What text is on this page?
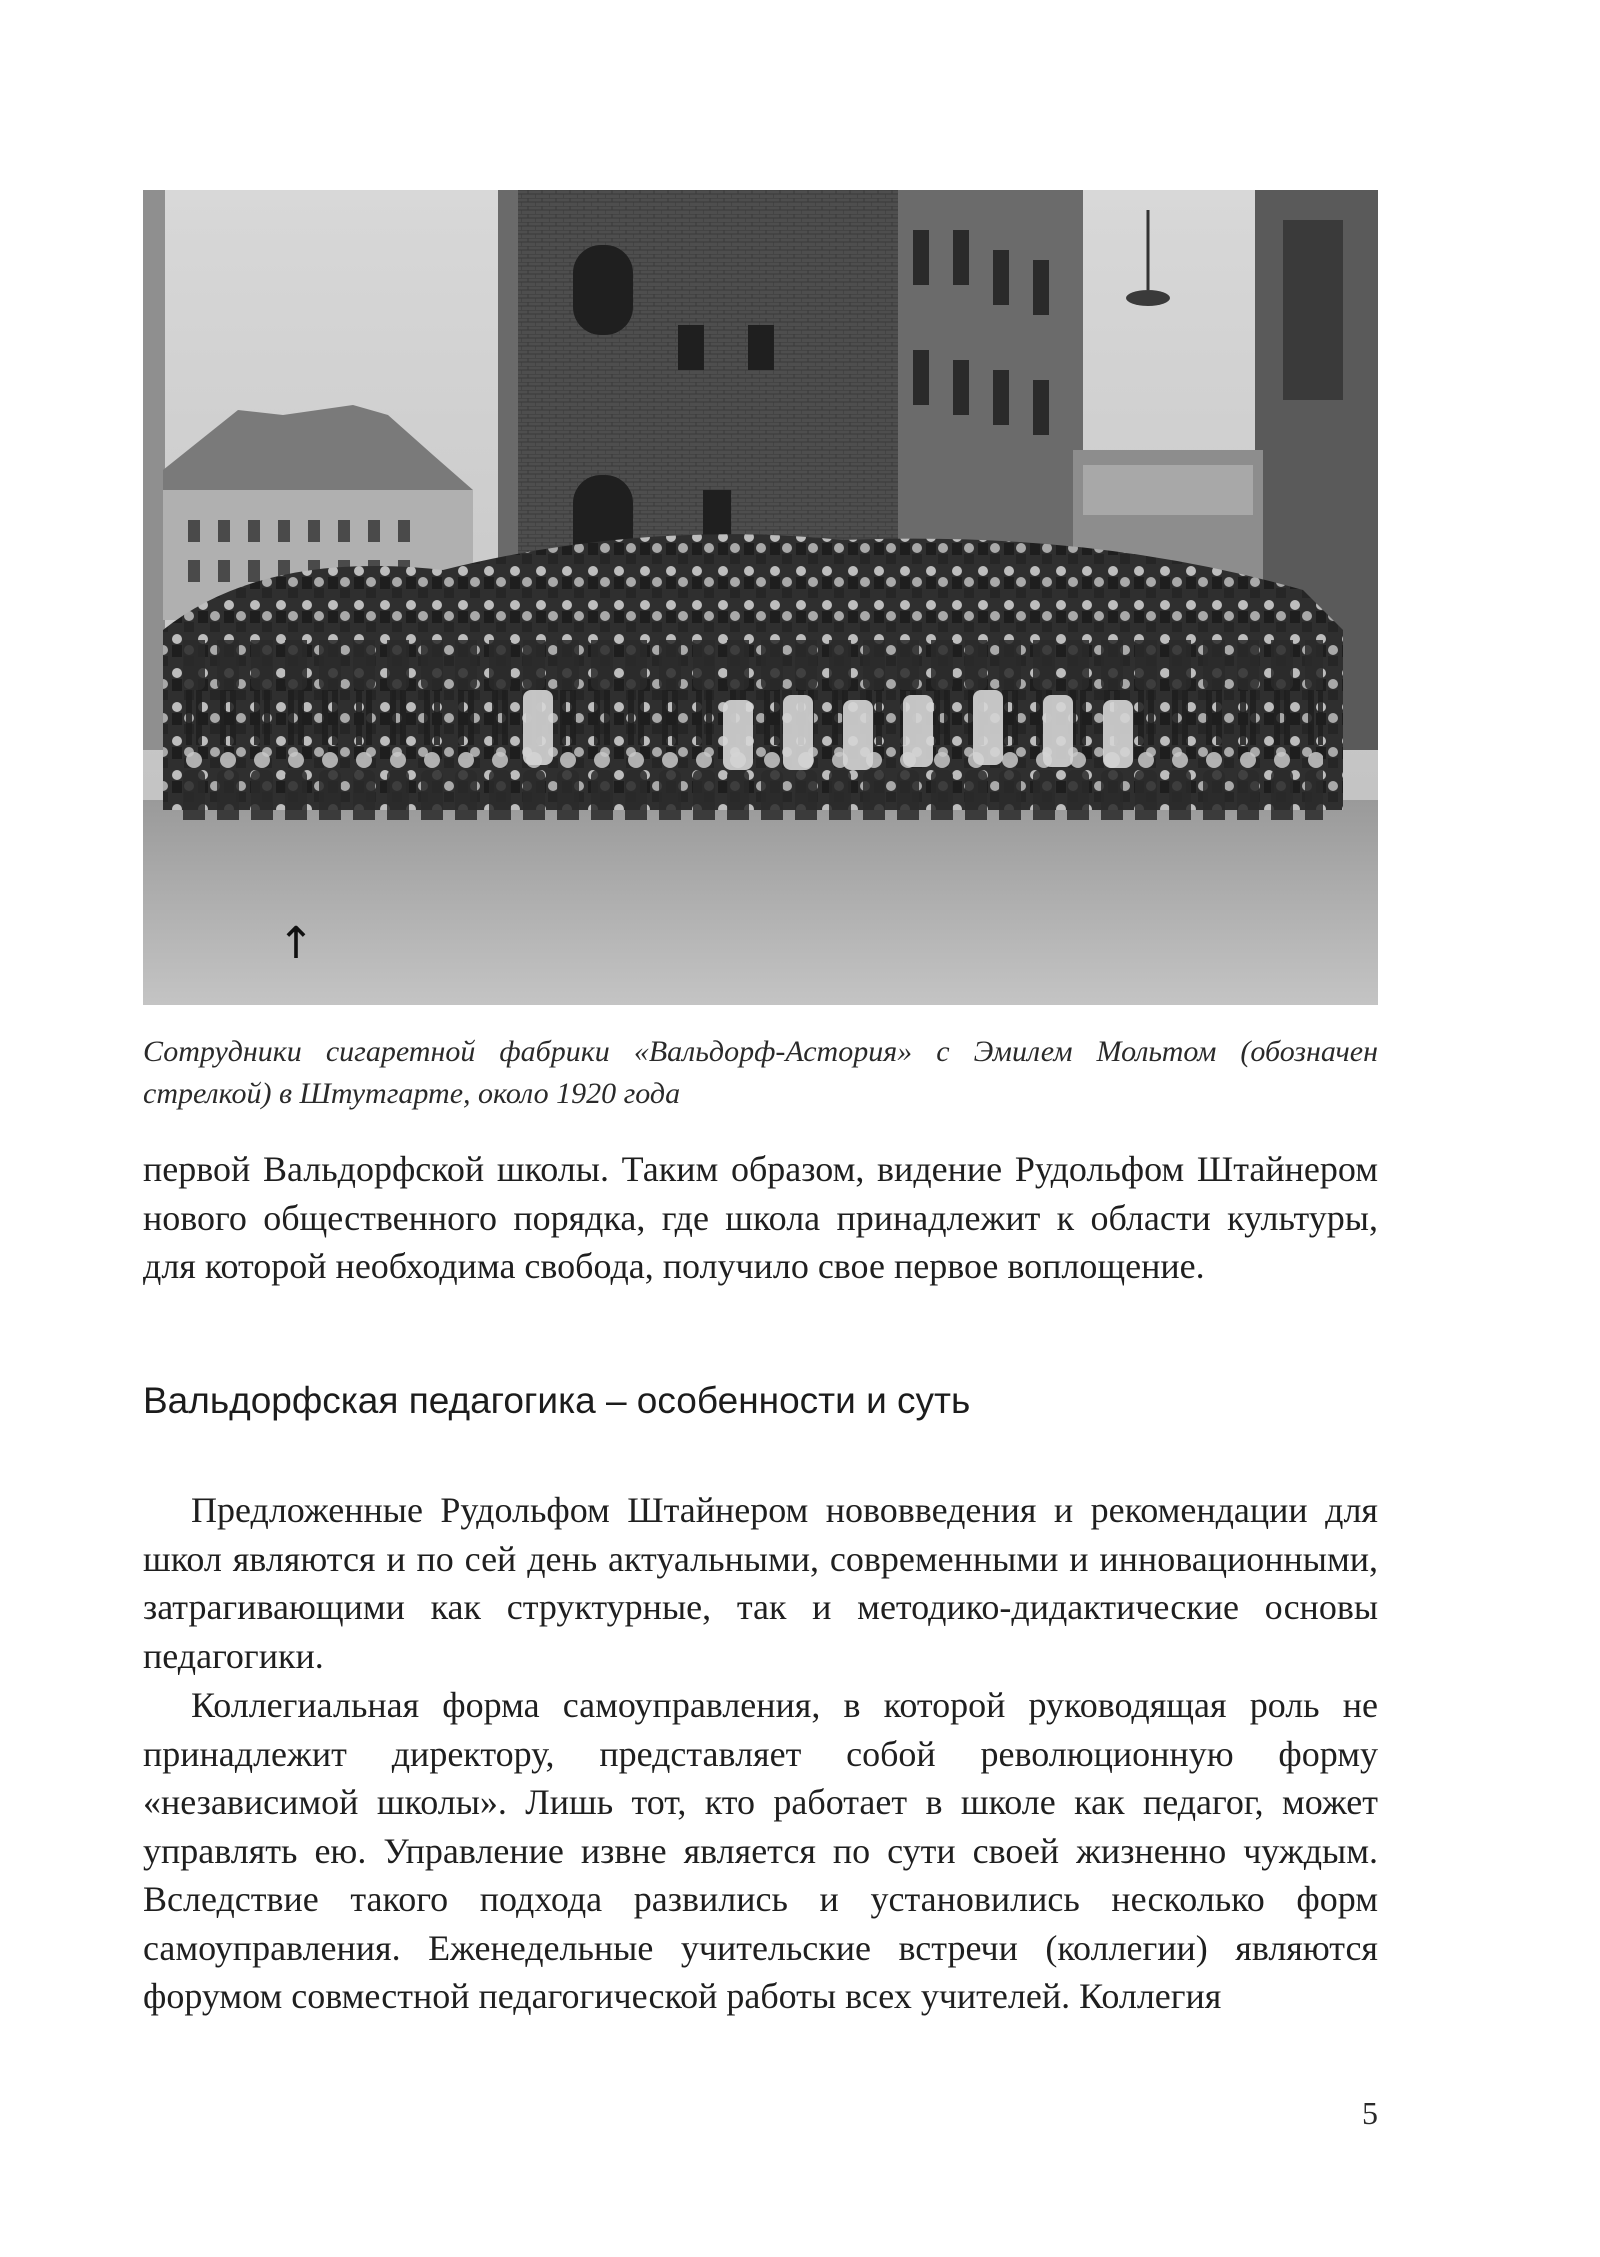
↑
Сотрудники сигаретной фабрики «Вальдорф-Астория» с Эмилем Мольтом (обозначен
стрелкой) в Штутгарте, около 1920 года

первой Вальдорфской школы. Таким образом, видение Рудольфом Штайнером нового общественного порядка, где школа принадлежит к области культуры, для которой необходима свобода, получило свое первое воплощение.

Вальдорфская педагогика – особенности и суть

Предложенные Рудольфом Штайнером нововведения и рекомендации для школ являются и по сей день актуальными, современными и инновационными, затрагивающими как структурные, так и методико-дидактические основы педагогики.

Коллегиальная форма самоуправления, в которой руководящая роль не принадлежит директору, представляет собой революционную форму «независимой школы». Лишь тот, кто работает в школе как педагог, может управлять ею. Управление извне является по сути своей жизненно чуждым. Вследствие такого подхода развились и установились несколько форм самоуправления. Еженедельные учительские встречи (коллегии) являются форумом совместной педагогической работы всех учителей. Коллегия

5
